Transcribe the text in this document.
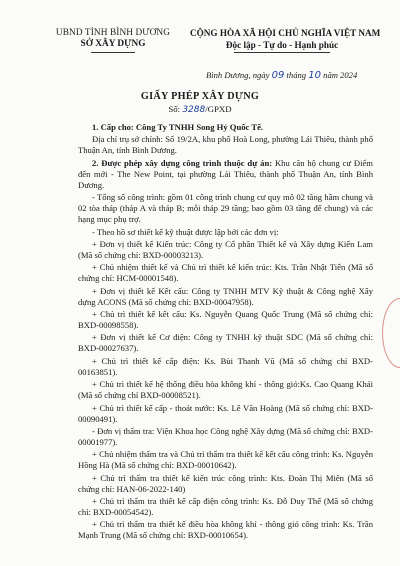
UBND TỈNH BÌNH DƯƠNG
SỞ XÂY DỰNG
CỘNG HÒA XÃ HỘI CHỦ NGHĨA VIỆT NAM
Độc lập - Tự do - Hạnh phúc
Bình Dương, ngày 09 tháng 10 năm 2024
GIẤY PHÉP XÂY DỰNG
Số: 3288/GPXD

1. Cấp cho: Công Ty TNHH Song Hỷ Quốc Tế.

Địa chỉ trụ sở chính: Số 19/2A, khu phố Hoà Long, phường Lái Thiêu, thành phố Thuận An, tỉnh Bình Dương.

2. Được phép xây dựng công trình thuộc dự án: Khu căn hộ chung cư Điểm đến mới - The New Point, tại phường Lái Thiêu, thành phố Thuận An, tỉnh Bình Dương.

- Tổng số công trình: gồm 01 công trình chung cư quy mô 02 tầng hầm chung và 02 tòa tháp (tháp A và tháp B; mỗi tháp 29 tầng; bao gồm 03 tầng đế chung) và các hạng mục phụ trợ.

- Theo hồ sơ thiết kế kỹ thuật được lập bởi các đơn vị:

+ Đơn vị thiết kế Kiến trúc: Công ty Cổ phần Thiết kế và Xây dựng Kiến Lam (Mã số chứng chỉ: BXD-00003213).

+ Chủ nhiệm thiết kế và Chủ trì thiết kế kiến trúc: Kts. Trần Nhật Tiến (Mã số chứng chỉ: HCM-00001548).

+ Đơn vị thiết kế Kết cấu: Công ty TNHH MTV Kỹ thuật & Công nghệ Xây dựng ACONS (Mã số chứng chỉ: BXD-00047958).

+ Chủ trì thiết kế kết cấu: Ks. Nguyễn Quang Quốc Trung (Mã số chứng chỉ: BXD-00098558).

+ Đơn vị thiết kế Cơ điện: Công ty TNHH kỹ thuật SDC (Mã số chứng chỉ: BXD-00027637).

+ Chủ trì thiết kế cấp điện: Ks. Bùi Thanh Vũ (Mã số chứng chỉ BXD-00163851).

+ Chủ trì thiết kế hệ thống điều hòa không khí - thông gió:Ks. Cao Quang Khải (Mã số chứng chỉ BXD-00008521).

+ Chủ trì thiết kế cấp - thoát nước: Ks. Lê Văn Hoàng (Mã số chứng chỉ: BXD-00090491).

- Đơn vị thẩm tra: Viện Khoa học Công nghệ Xây dựng (Mã số chứng chỉ: BXD-00001977).

+ Chủ nhiệm thẩm tra và Chủ trì thẩm tra thiết kế kết cấu công trình: Ks. Nguyễn Hồng Hà (Mã số chứng chỉ: BXD-00010642).

+ Chủ trì thẩm tra thiết kế kiến trúc công trình: Kts. Đoàn Thị Miên (Mã số chứng chỉ: HAN-06-2022-140)

+ Chủ trì thẩm tra thiết kế cấp điện công trình: Ks. Đỗ Duy Thế (Mã số chứng chỉ: BXD-00054542).

+ Chủ trì thẩm tra thiết kế điều hòa không khí - thông gió công trình: Ks. Trần Mạnh Trung (Mã số chứng chỉ: BXD-00010654).
